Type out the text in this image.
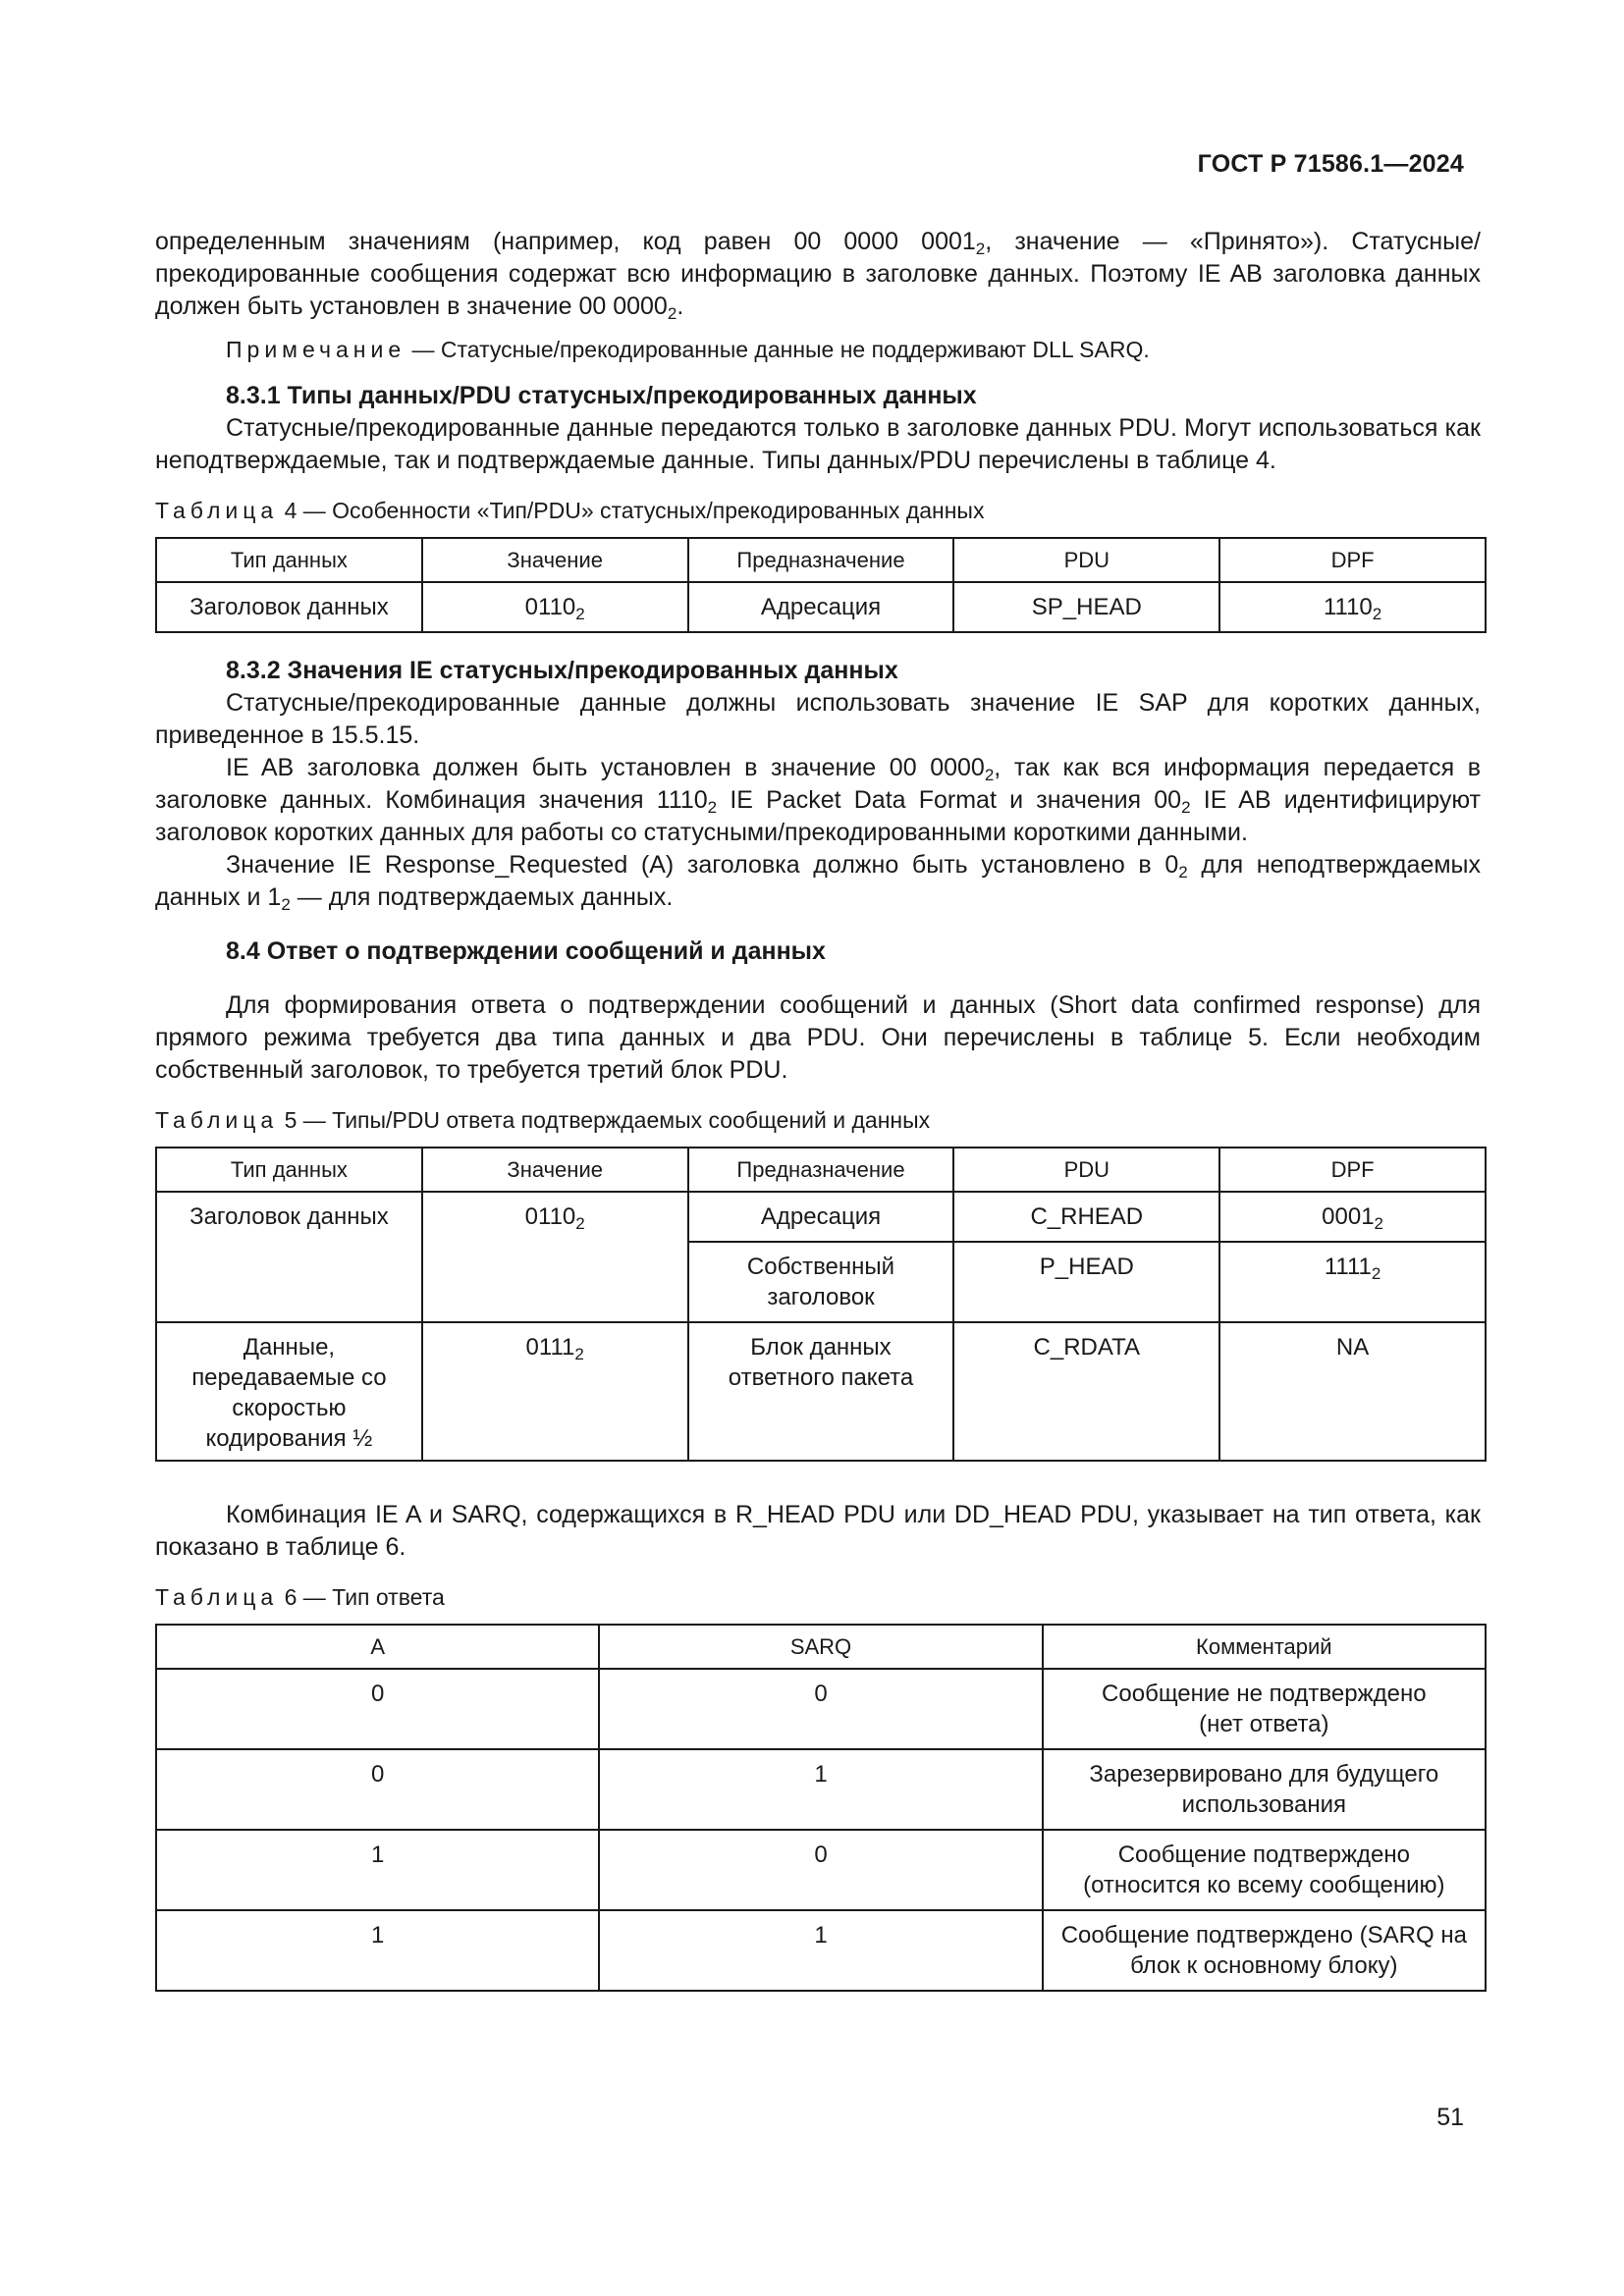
ГОСТ Р 71586.1—2024

определенным значениям (например, код равен 00 0000 $0001_2$, значение — «Принято»). Статусные/прекодированные сообщения содержат всю информацию в заголовке данных. Поэтому IE AB заголовка данных должен быть установлен в значение 00 $0000_2$.

Примечание — Статусные/прекодированные данные не поддерживают DLL SARQ.

8.3.1 Типы данных/PDU статусных/прекодированных данных

Статусные/прекодированные данные передаются только в заголовке данных PDU. Могут использоваться как неподтверждаемые, так и подтверждаемые данные. Типы данных/PDU перечислены в таблице 4.

Таблица 4 — Особенности «Тип/PDU» статусных/прекодированных данных

Тип данных	Значение	Предназначение	PDU	DPF
Заголовок данных	$0110_2$	Адресация	SP_HEAD	$1110_2$

8.3.2 Значения IE статусных/прекодированных данных

Статусные/прекодированные данные должны использовать значение IE SAP для коротких данных, приведенное в 15.5.15.

IE AB заголовка должен быть установлен в значение 00 $0000_2$, так как вся информация передается в заголовке данных. Комбинация значения $1110_2$ IE Packet Data Format и значения $00_2$ IE AB идентифицируют заголовок коротких данных для работы со статусными/прекодированными короткими данными.

Значение IE Response_Requested (A) заголовка должно быть установлено в $0_2$ для неподтверждаемых данных и $1_2$ — для подтверждаемых данных.

8.4 Ответ о подтверждении сообщений и данных

Для формирования ответа о подтверждении сообщений и данных (Short data confirmed response) для прямого режима требуется два типа данных и два PDU. Они перечислены в таблице 5. Если необходим собственный заголовок, то требуется третий блок PDU.

Таблица 5 — Типы/PDU ответа подтверждаемых сообщений и данных

Тип данных	Значение	Предназначение	PDU	DPF
Заголовок данных	$0110_2$	Адресация	C_RHEAD	$0001_2$
		Собственный заголовок	P_HEAD	$1111_2$
Данные, передаваемые со скоростью кодирования ½	$0111_2$	Блок данных ответного пакета	C_RDATA	NA

Комбинация IE A и SARQ, содержащихся в R_HEAD PDU или DD_HEAD PDU, указывает на тип ответа, как показано в таблице 6.

Таблица 6 — Тип ответа

A	SARQ	Комментарий
0	0	Сообщение не подтверждено (нет ответа)
0	1	Зарезервировано для будущего использования
1	0	Сообщение подтверждено (относится ко всему сообщению)
1	1	Сообщение подтверждено (SARQ на блок к основному блоку)
51
